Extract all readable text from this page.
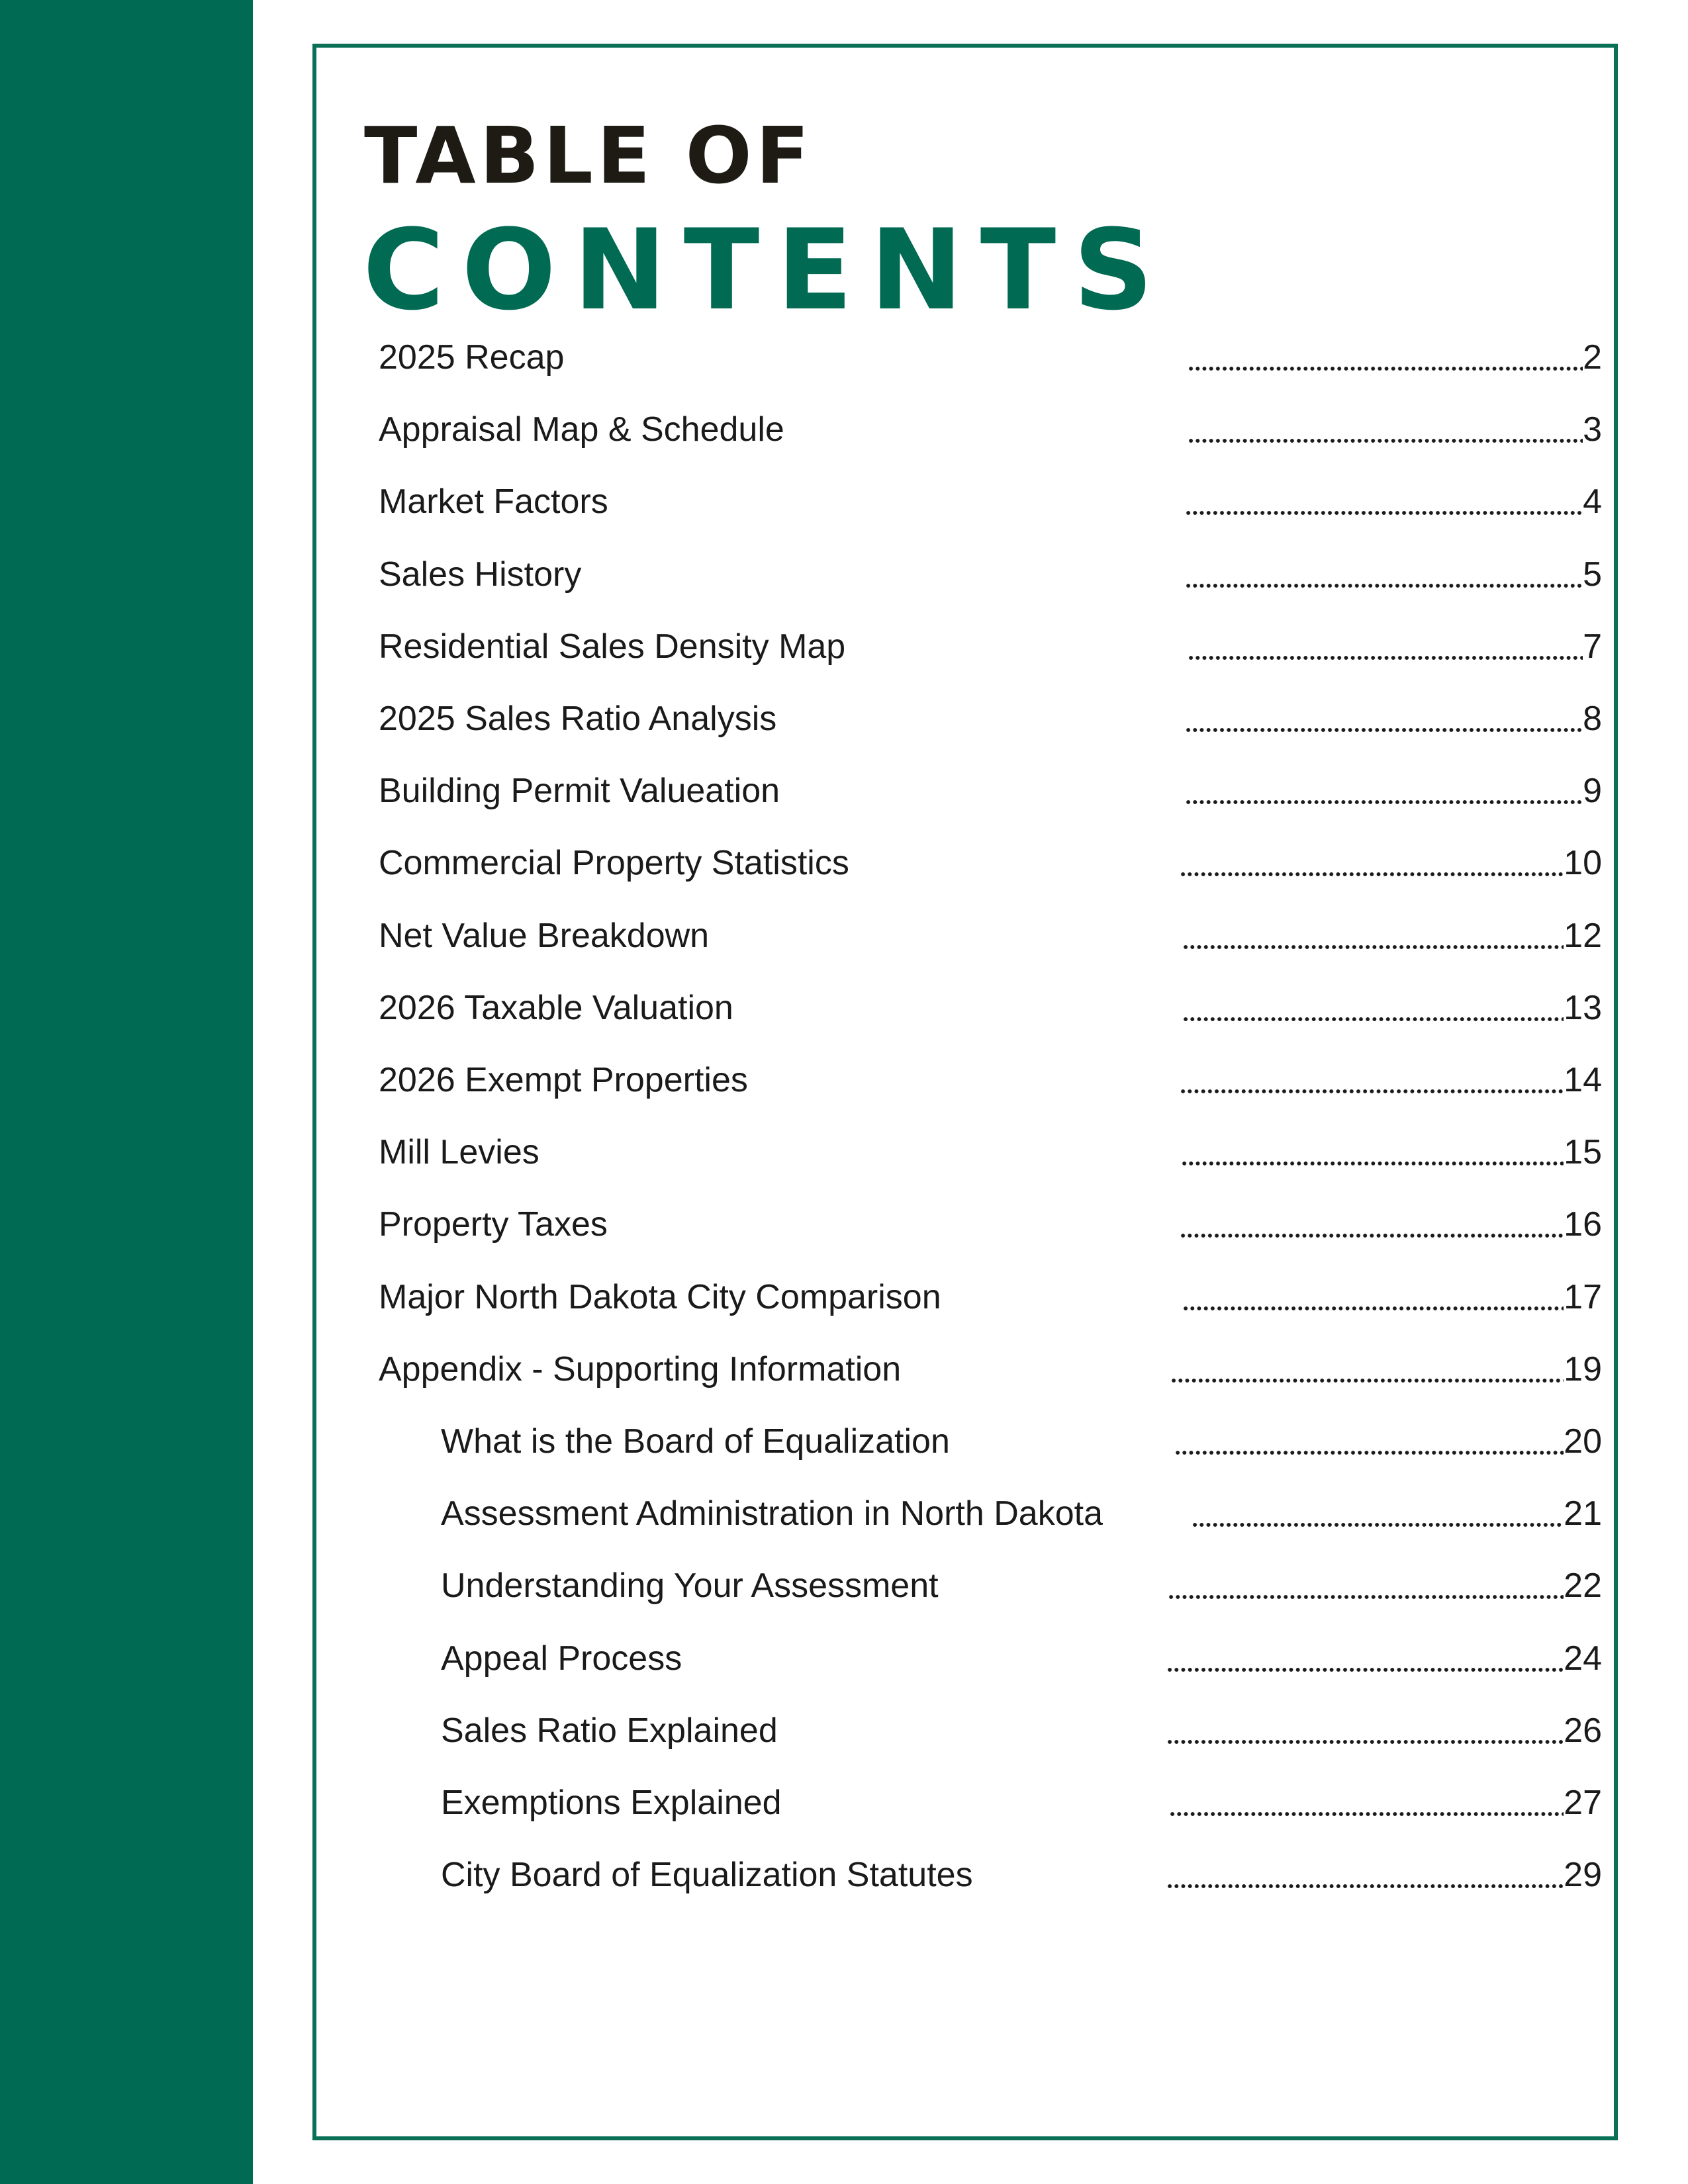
TABLE OF
CONTENTS
2025 Recap	2
Appraisal Map & Schedule	3
Market Factors	4
Sales History	5
Residential Sales Density Map	7
2025 Sales Ratio Analysis	8
Building Permit Valueation	9
Commercial Property Statistics	10
Net Value Breakdown	12
2026 Taxable Valuation	13
2026 Exempt Properties	14
Mill Levies	15
Property Taxes	16
Major North Dakota City Comparison	17
Appendix - Supporting Information	19
What is the Board of Equalization	20
Assessment Administration in North Dakota	21
Understanding Your Assessment	22
Appeal Process	24
Sales Ratio Explained	26
Exemptions Explained	27
City Board of Equalization Statutes	29
